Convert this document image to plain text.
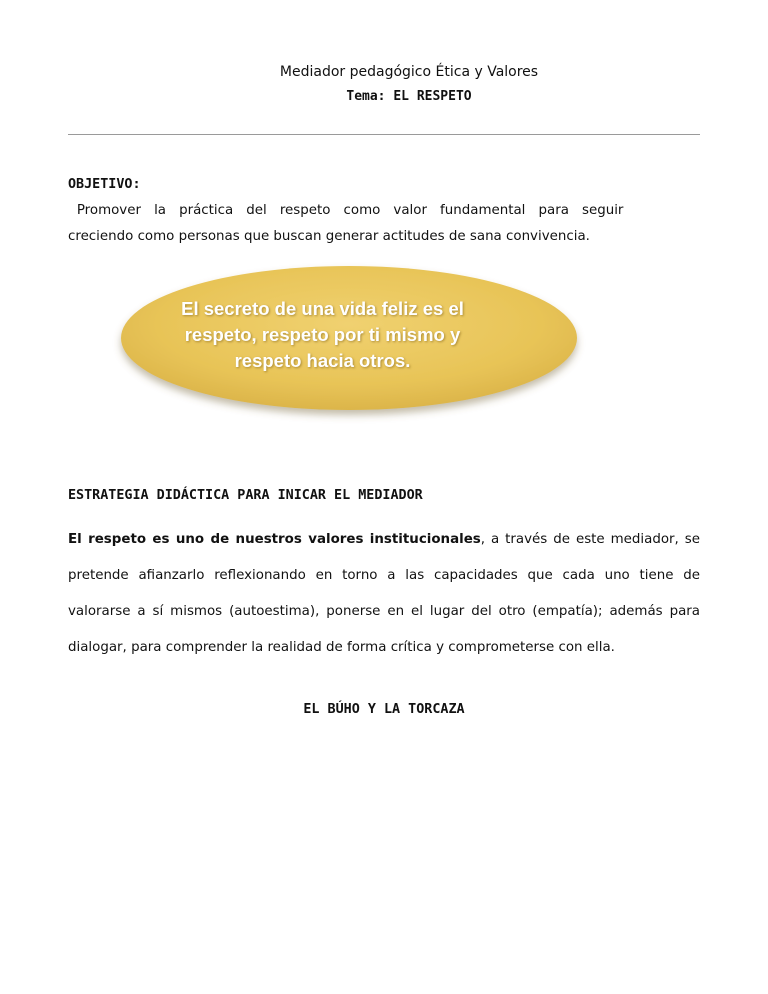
Mediador pedagógico Ética y Valores
Tema: EL RESPETO
OBJETIVO: Promover la práctica del respeto como valor fundamental para seguir
creciendo como personas que buscan generar actitudes de sana convivencia.
El secreto de una vida feliz es el
respeto, respeto por ti mismo y
respeto hacia otros.
ESTRATEGIA DIDÁCTICA PARA INICAR EL MEDIADOR
El respeto es uno de nuestros valores institucionales, a través de este mediador, se
pretende afianzarlo reflexionando en torno a las capacidades que cada uno tiene de
valorarse a sí mismos (autoestima), ponerse en el lugar del otro (empatía); además para
dialogar, para comprender la realidad de forma crítica y comprometerse con ella.
EL BÚHO Y LA TORCAZA
